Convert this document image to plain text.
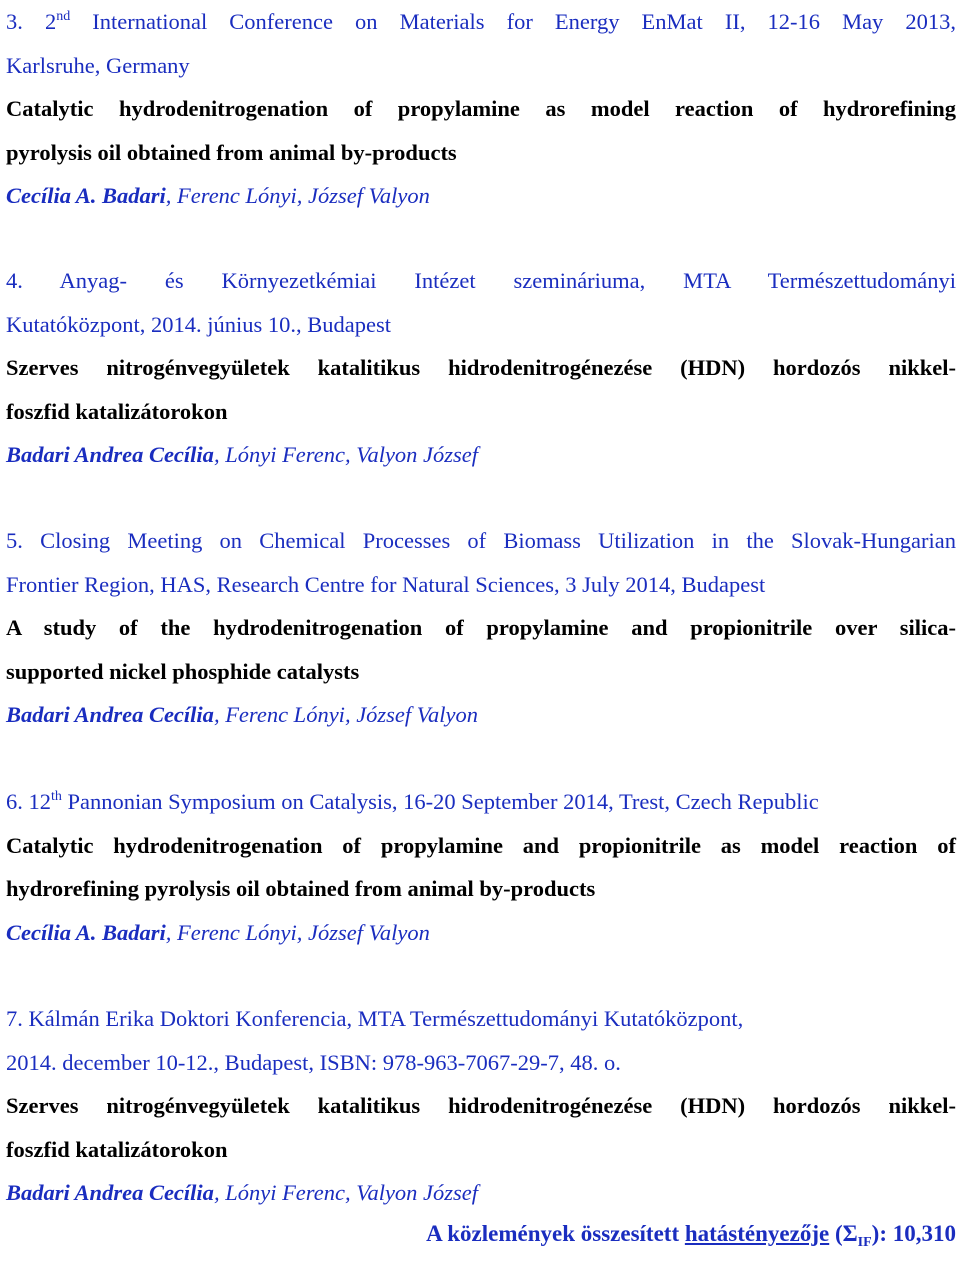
3. 2nd International Conference on Materials for Energy EnMat II, 12-16 May 2013,
Karlsruhe, Germany
Catalytic hydrodenitrogenation of propylamine as model reaction of hydrorefining
pyrolysis oil obtained from animal by-products
Cecília A. Badari, Ferenc Lónyi, József Valyon
4. Anyag- és Környezetkémiai Intézet szemináriuma, MTA Természettudományi
Kutatóközpont, 2014. június 10., Budapest
Szerves nitrogénvegyületek katalitikus hidrodenitrogénezése (HDN) hordozós nikkel-
foszfid katalizátorokon
Badari Andrea Cecília, Lónyi Ferenc, Valyon József
5. Closing Meeting on Chemical Processes of Biomass Utilization in the Slovak-Hungarian
Frontier Region, HAS, Research Centre for Natural Sciences, 3 July 2014, Budapest
A study of the hydrodenitrogenation of propylamine and propionitrile over silica-
supported nickel phosphide catalysts
Badari Andrea Cecília, Ferenc Lónyi, József Valyon
6. 12th Pannonian Symposium on Catalysis, 16-20 September 2014, Trest, Czech Republic
Catalytic hydrodenitrogenation of propylamine and propionitrile as model reaction of
hydrorefining pyrolysis oil obtained from animal by-products
Cecília A. Badari, Ferenc Lónyi, József Valyon
7. Kálmán Erika Doktori Konferencia, MTA Természettudományi Kutatóközpont,
2014. december 10-12., Budapest, ISBN: 978-963-7067-29-7, 48. o.
Szerves nitrogénvegyületek katalitikus hidrodenitrogénezése (HDN) hordozós nikkel-
foszfid katalizátorokon
Badari Andrea Cecília, Lónyi Ferenc, Valyon József
A közlemények összesített hatástényezője $(\Sigma_{IF})$: 10,310
